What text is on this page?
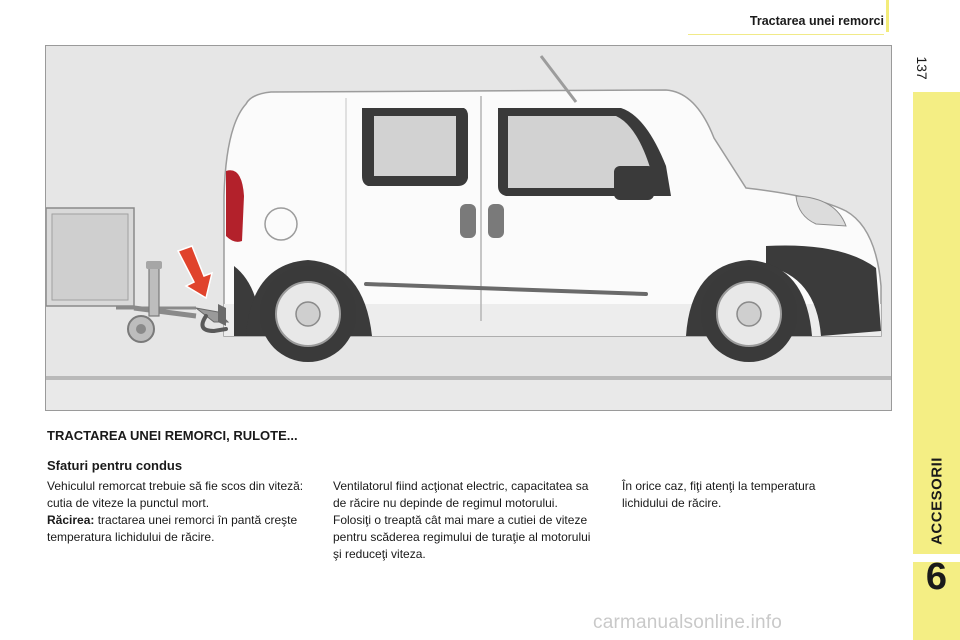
Tractarea unei remorci
137
ACCESORII
6
TRACTAREA UNEI REMORCI, RULOTE...
Sfaturi pentru condus

Vehiculul remorcat trebuie să fie scos din viteză: cutia de viteze la punctul mort.

Răcirea: tractarea unei remorci în pantă creşte temperatura lichidului de răcire.

Ventilatorul fiind acţionat electric, capacitatea sa de răcire nu depinde de regimul motorului.

Folosiţi o treaptă cât mai mare a cutiei de viteze pentru scăderea regimului de turaţie al motorului şi reduceţi viteza.

În orice caz, fiţi atenţi la temperatura lichidului de răcire.

carmanualsonline.info
